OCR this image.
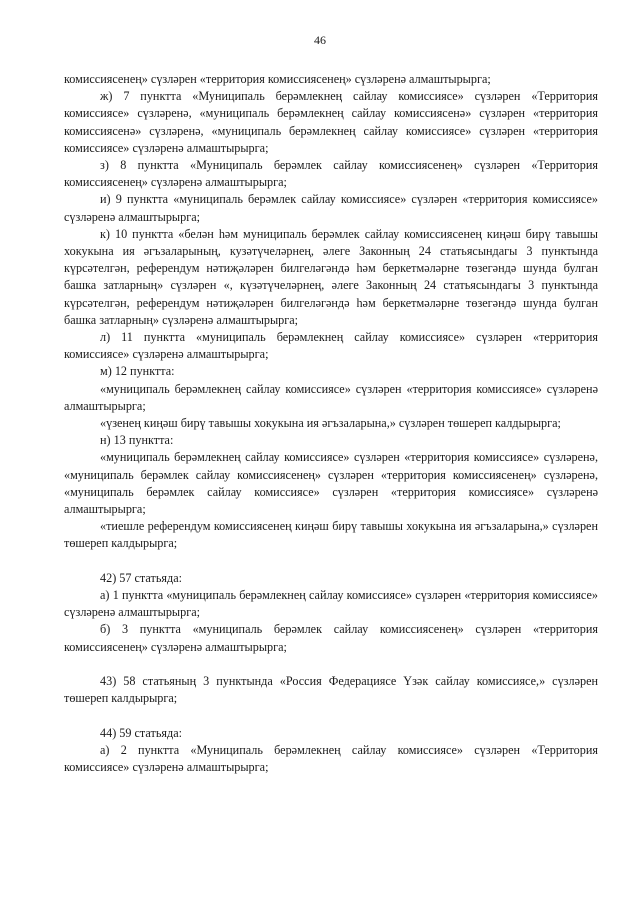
46

комиссиясенең» сүзләрен «территория комиссиясенең» сүзләренә алмаштырырга;

ж) 7 пунктта «Муниципаль берәмлекнең сайлау комиссиясе» сүзләрен «Территория комиссиясе» сүзләренә, «муниципаль берәмлекнең сайлау комиссиясенә» сүзләрен «территория комиссиясенә» сүзләренә, «муниципаль берәмлекнең сайлау комиссиясе» сүзләрен «территория комиссиясе» сүзләренә алмаштырырга;

з) 8 пунктта «Муниципаль берәмлек сайлау комиссиясенең» сүзләрен «Территория комиссиясенең» сүзләренә алмаштырырга;

и) 9 пунктта «муниципаль берәмлек сайлау комиссиясе» сүзләрен «территория комиссиясе» сүзләренә алмаштырырга;

к) 10 пунктта «белән һәм муниципаль берәмлек сайлау комиссиясенең киңәш бирү тавышы хокукына ия әгъзаларының, кузәтүчеләрнең, әлеге Законның 24 статьясындагы 3 пунктында күрсәтелгән, референдум нәтиҗәләрен билгеләгәндә һәм беркетмәләрне төзегәндә шунда булган башка затларның» сүзләрен «, күзәтүчеләрнең, әлеге Законның 24 статьясындагы 3 пунктында күрсәтелгән, референдум нәтиҗәләрен билгеләгәндә һәм беркетмәләрне төзегәндә шунда булган башка затларның» сүзләренә алмаштырырга;

л) 11 пунктта «муниципаль берәмлекнең сайлау комиссиясе» сүзләрен «территория комиссиясе» сүзләренә алмаштырырга;

м) 12 пунктта:

«муниципаль берәмлекнең сайлау комиссиясе» сүзләрен «территория комиссиясе» сүзләренә алмаштырырга;

«үзенең киңәш бирү тавышы хокукына ия әгъзаларына,» сүзләрен төшереп калдырырга;

н) 13 пунктта:

«муниципаль берәмлекнең сайлау комиссиясе» сүзләрен «территория комиссиясе» сүзләренә, «муниципаль берәмлек сайлау комиссиясенең» сүзләрен «территория комиссиясенең» сүзләренә, «муниципаль берәмлек сайлау комиссиясе» сүзләрен «территория комиссиясе» сүзләренә алмаштырырга;

«тиешле референдум комиссиясенең киңәш бирү тавышы хокукына ия әгъзаларына,» сүзләрен төшереп калдырырга;

42) 57 статьяда:

а) 1 пунктта «муниципаль берәмлекнең сайлау комиссиясе» сүзләрен «территория комиссиясе» сүзләренә алмаштырырга;

б) 3 пунктта «муниципаль берәмлек сайлау комиссиясенең» сүзләрен «территория комиссиясенең» сүзләренә алмаштырырга;

43) 58 статьяның 3 пунктында «Россия Федерациясе Үзәк сайлау комиссиясе,» сүзләрен төшереп калдырырга;

44) 59 статьяда:

а) 2 пунктта «Муниципаль берәмлекнең сайлау комиссиясе» сүзләрен «Территория комиссиясе» сүзләренә алмаштырырга;
